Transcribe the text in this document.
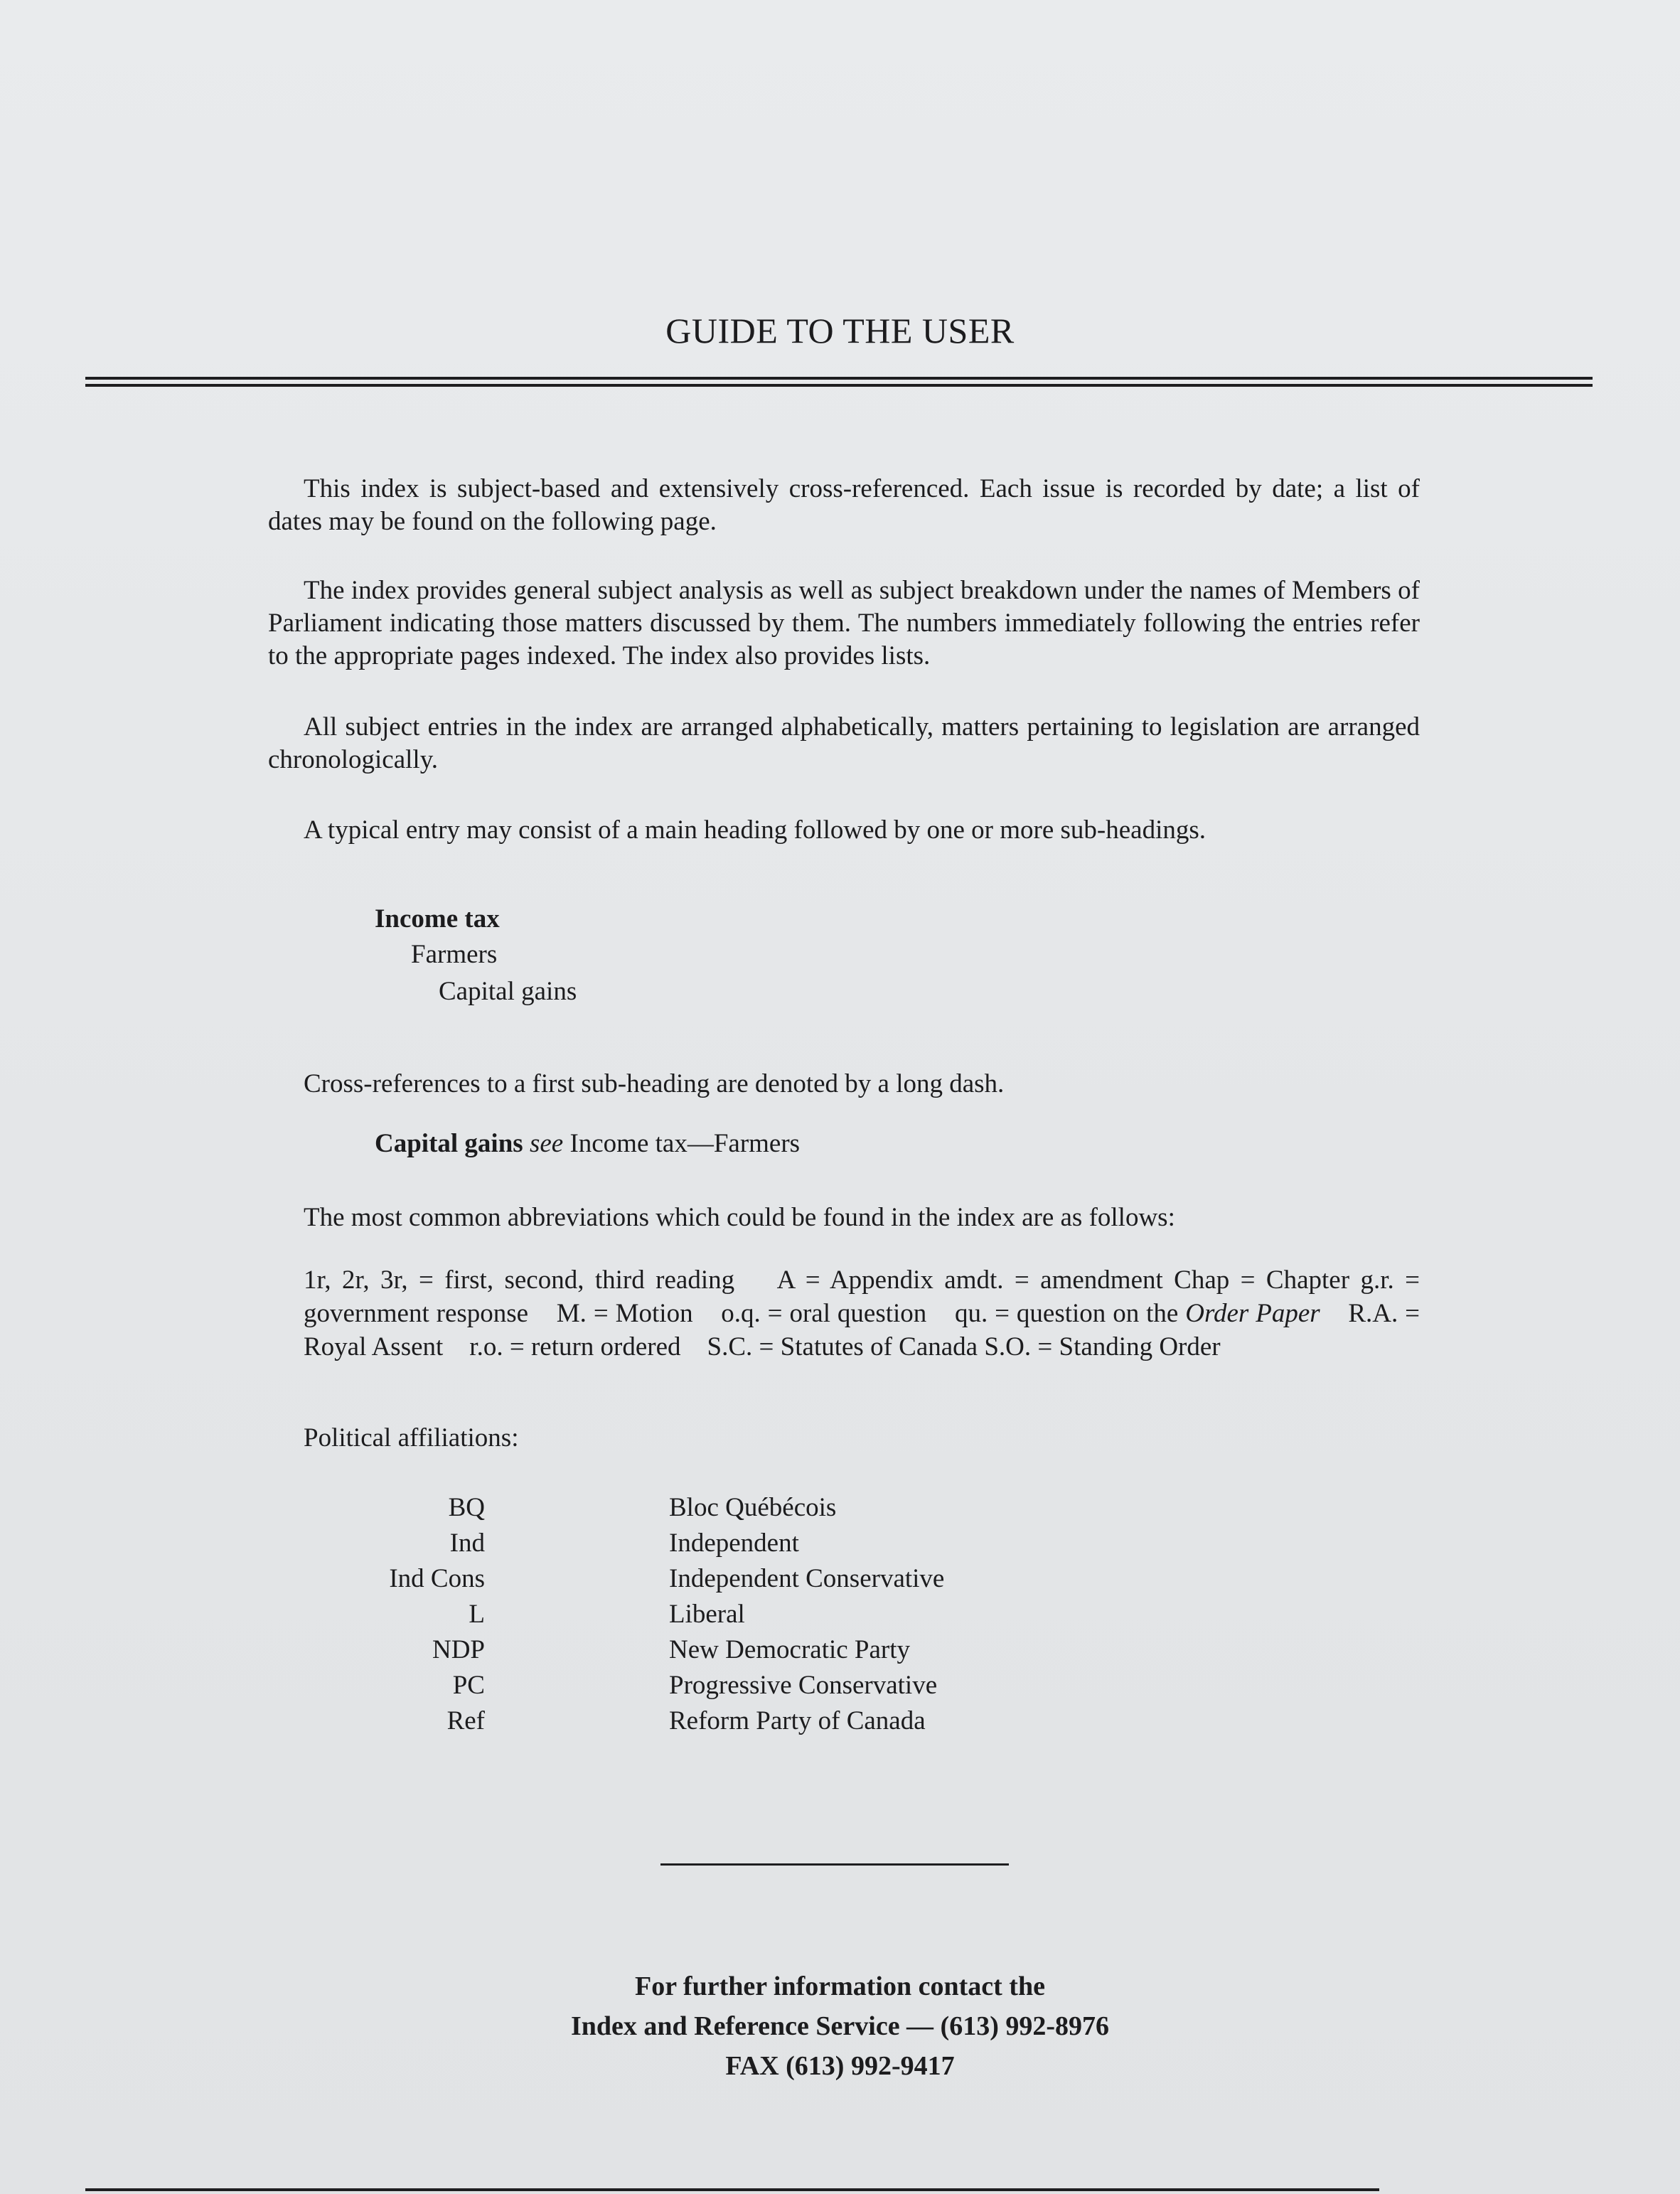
GUIDE TO THE USER
This index is subject-based and extensively cross-referenced. Each issue is recorded by date; a list of dates may be found on the following page.
The index provides general subject analysis as well as subject breakdown under the names of Members of Parliament indicating those matters discussed by them. The numbers immediately following the entries refer to the appropriate pages indexed. The index also provides lists.
All subject entries in the index are arranged alphabetically, matters pertaining to legislation are arranged chronologically.
A typical entry may consist of a main heading followed by one or more sub-headings.
Income tax
Farmers
Capital gains
Cross-references to a first sub-heading are denoted by a long dash.
Capital gains see Income tax—Farmers
The most common abbreviations which could be found in the index are as follows:
1r, 2r, 3r, = first, second, third reading    A = Appendix amdt. = amendment Chap = Chapter g.r. = government response    M. = Motion    o.q. = oral question    qu. = question on the Order Paper    R.A. = Royal Assent    r.o. = return ordered    S.C. = Statutes of Canada S.O. = Standing Order
Political affiliations:
BQ	Bloc Québécois
Ind	Independent
Ind Cons	Independent Conservative
L	Liberal
NDP	New Democratic Party
PC	Progressive Conservative
Ref	Reform Party of Canada
For further information contact the
Index and Reference Service — (613) 992-8976
FAX (613) 992-9417
